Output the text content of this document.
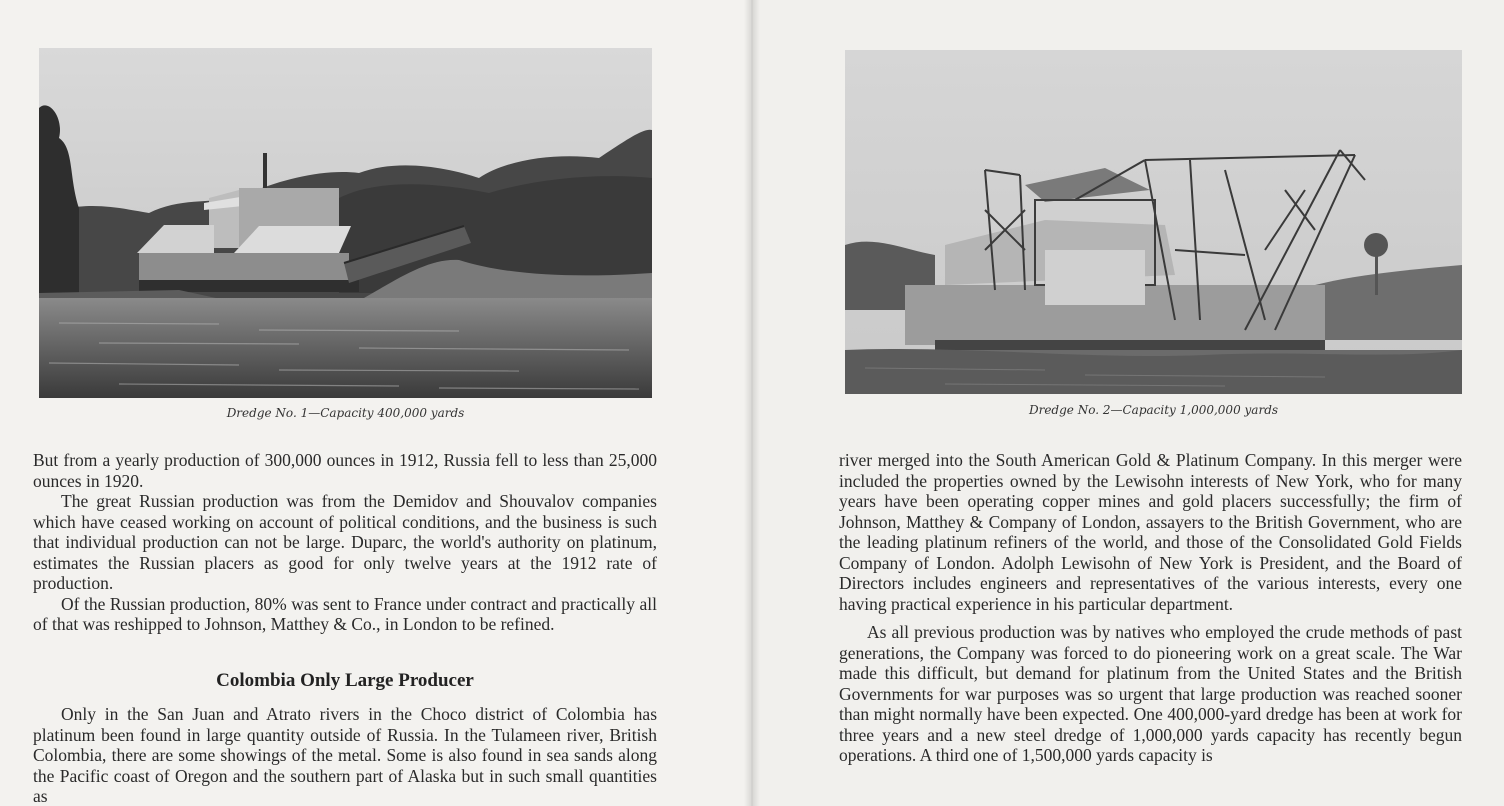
Dredge No. 1—Capacity 400,000 yards

But from a yearly production of 300,000 ounces in 1912, Russia fell to less than 25,000 ounces in 1920.

The great Russian production was from the Demidov and Shouvalov companies which have ceased working on account of political conditions, and the business is such that individual production can not be large. Duparc, the world's authority on platinum, estimates the Russian placers as good for only twelve years at the 1912 rate of production.

Of the Russian production, 80% was sent to France under contract and practically all of that was reshipped to Johnson, Matthey & Co., in London to be refined.

Colombia Only Large Producer

Only in the San Juan and Atrato rivers in the Choco district of Colombia has platinum been found in large quantity outside of Russia. In the Tulameen river, British Colombia, there are some showings of the metal. Some is also found in sea sands along the Pacific coast of Oregon and the southern part of Alaska but in such small quantities as

Dredge No. 2—Capacity 1,000,000 yards

river merged into the South American Gold & Platinum Company. In this merger were included the properties owned by the Lewisohn interests of New York, who for many years have been operating copper mines and gold placers successfully; the firm of Johnson, Matthey & Company of London, assayers to the British Government, who are the leading platinum refiners of the world, and those of the Consolidated Gold Fields Company of London. Adolph Lewisohn of New York is President, and the Board of Directors includes engineers and representatives of the various interests, every one having practical experience in his particular department.

As all previous production was by natives who employed the crude methods of past generations, the Company was forced to do pioneering work on a great scale. The War made this difficult, but demand for platinum from the United States and the British Governments for war purposes was so urgent that large production was reached sooner than might normally have been expected. One 400,000-yard dredge has been at work for three years and a new steel dredge of 1,000,000 yards capacity has recently begun operations. A third one of 1,500,000 yards capacity is
